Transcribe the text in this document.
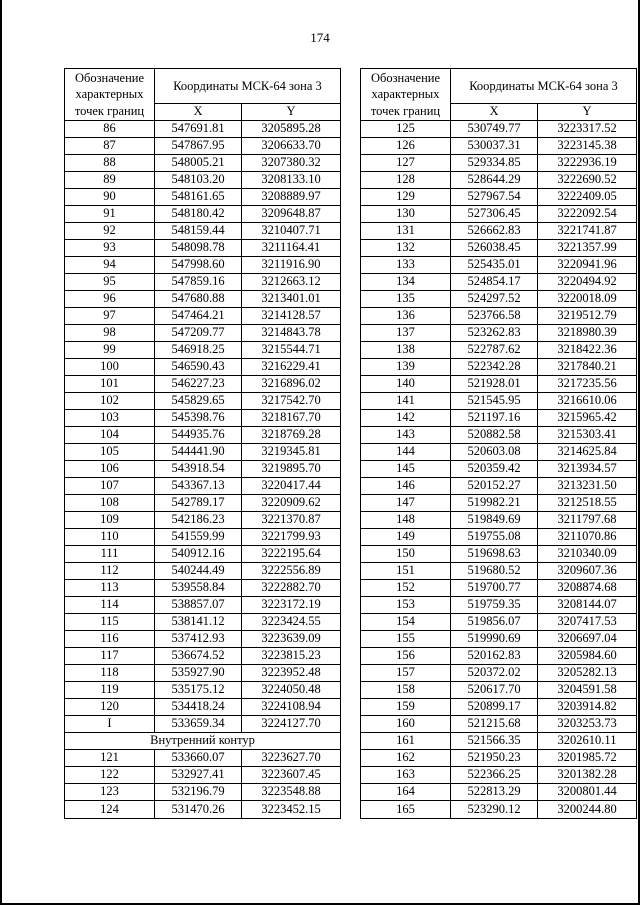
174
Обозначение характерных точек границ	Координаты МСК-64 зона 3	
	X	Y
86	547691.81	3205895.28
87	547867.95	3206633.70
88	548005.21	3207380.32
89	548103.20	3208133.10
90	548161.65	3208889.97
91	548180.42	3209648.87
92	548159.44	3210407.71
93	548098.78	3211164.41
94	547998.60	3211916.90
95	547859.16	3212663.12
96	547680.88	3213401.01
97	547464.21	3214128.57
98	547209.77	3214843.78
99	546918.25	3215544.71
100	546590.43	3216229.41
101	546227.23	3216896.02
102	545829.65	3217542.70
103	545398.76	3218167.70
104	544935.76	3218769.28
105	544441.90	3219345.81
106	543918.54	3219895.70
107	543367.13	3220417.44
108	542789.17	3220909.62
109	542186.23	3221370.87
110	541559.99	3221799.93
111	540912.16	3222195.64
112	540244.49	3222556.89
113	539558.84	3222882.70
114	538857.07	3223172.19
115	538141.12	3223424.55
116	537412.93	3223639.09
117	536674.52	3223815.23
118	535927.90	3223952.48
119	535175.12	3224050.48
120	534418.24	3224108.94
I	533659.34	3224127.70
Внутренний контур		
121	533660.07	3223627.70
122	532927.41	3223607.45
123	532196.79	3223548.88
124	531470.26	3223452.15
Обозначение характерных точек границ	Координаты МСК-64 зона 3	
	X	Y
125	530749.77	3223317.52
126	530037.31	3223145.38
127	529334.85	3222936.19
128	528644.29	3222690.52
129	527967.54	3222409.05
130	527306.45	3222092.54
131	526662.83	3221741.87
132	526038.45	3221357.99
133	525435.01	3220941.96
134	524854.17	3220494.92
135	524297.52	3220018.09
136	523766.58	3219512.79
137	523262.83	3218980.39
138	522787.62	3218422.36
139	522342.28	3217840.21
140	521928.01	3217235.56
141	521545.95	3216610.06
142	521197.16	3215965.42
143	520882.58	3215303.41
144	520603.08	3214625.84
145	520359.42	3213934.57
146	520152.27	3213231.50
147	519982.21	3212518.55
148	519849.69	3211797.68
149	519755.08	3211070.86
150	519698.63	3210340.09
151	519680.52	3209607.36
152	519700.77	3208874.68
153	519759.35	3208144.07
154	519856.07	3207417.53
155	519990.69	3206697.04
156	520162.83	3205984.60
157	520372.02	3205282.13
158	520617.70	3204591.58
159	520899.17	3203914.82
160	521215.68	3203253.73
161	521566.35	3202610.11
162	521950.23	3201985.72
163	522366.25	3201382.28
164	522813.29	3200801.44
165	523290.12	3200244.80
